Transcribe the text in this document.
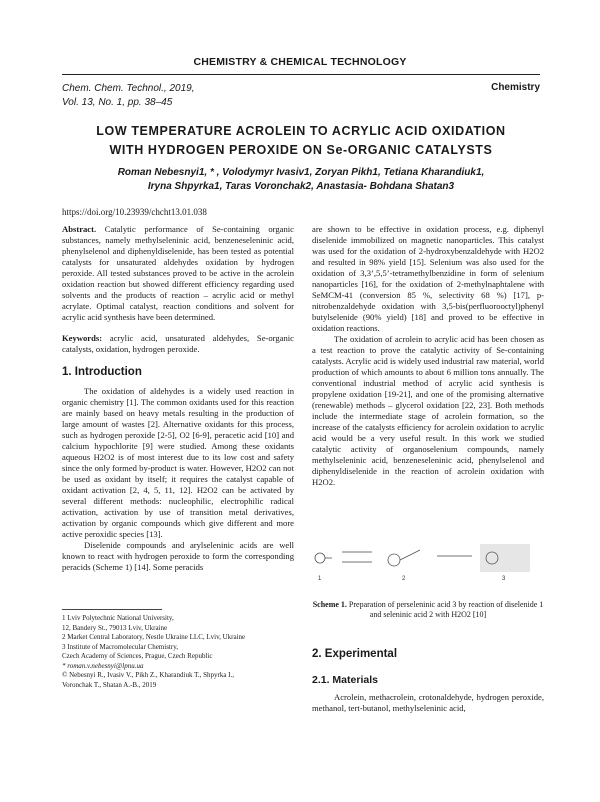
CHEMISTRY & CHEMICAL TECHNOLOGY
Chem. Chem. Technol., 2019,
Vol. 13, No. 1, pp. 38–45
Chemistry
LOW TEMPERATURE ACROLEIN TO ACRYLIC ACID OXIDATION
WITH HYDROGEN PEROXIDE ON Se-ORGANIC CATALYSTS
Roman Nebesnyi1, * , Volodymyr Ivasiv1, Zoryan Pikh1, Tetiana Kharandiuk1,
Iryna Shpyrka1, Taras Voronchak2, Anastasia- Bohdana Shatan3
https://doi.org/10.23939/chcht13.01.038

Abstract. Catalytic performance of Se-containing organic substances, namely methylseleninic acid, benzeneseleninic acid, phenylselenol and diphenyldiselenide, has been tested as potential catalysts for unsaturated aldehydes oxidation by hydrogen peroxide. All tested substances proved to be active in the acrolein oxidation reaction but showed different efficiency regarding used solvents and the products of reaction – acrylic acid or methyl acrylate. Optimal catalyst, reaction conditions and solvent for acrylic acid synthesis have been determined.

Keywords: acrylic acid, unsaturated aldehydes, Se-organic catalysts, oxidation, hydrogen peroxide.

1. Introduction

The oxidation of aldehydes is a widely used reaction in organic chemistry [1]. The common oxidants used for this reaction are mainly based on heavy metals resulting in the production of large amount of wastes [2]. Alternative oxidants for this process, such as hydrogen peroxide [2-5], O2 [6-9], peracetic acid [10] and calcium hypochlorite [9] were studied. Among these oxidants aqueous H2O2 is of most interest due to its low cost and safety since the only formed by-product is water. However, H2O2 can not be used as oxidant by itself; it requires the catalyst capable of oxidant activation [2, 4, 5, 11, 12]. H2O2 can be activated by several different methods: nucleophilic, electrophilic radical activation, activation by use of transition metal derivatives, activation by organic compounds which give different and more active peroxidic species [13].

Diselenide compounds and arylseleninic acids are well known to react with hydrogen peroxide to form the corresponding peracids (Scheme 1) [14]. Some peracids

1 Lviv Polytechnic National University,
12, Bandery St., 79013 Lviv, Ukraine
2 Market Central Laboratory, Nestle Ukraine LLC, Lviv, Ukraine
3 Institute of Macromolecular Chemistry,
Czech Academy of Sciences, Prague, Czech Republic
* roman.v.nebesnyi@lpnu.ua
© Nebesnyi R., Ivasiv V., Pikh Z., Kharandiuk T., Shpyrka I.,
Voronchak T., Shatan A.-B., 2019

are shown to be effective in oxidation process, e.g. diphenyl diselenide immobilized on magnetic nanoparticles. This catalyst was used for the oxidation of 2-hydroxybenzaldehyde with H2O2 and resulted in 98% yield [15]. Selenium was also used for the oxidation of 3,3’,5,5’-tetramethylbenzidine in form of selenium nanoparticles [16], for the oxidation of 2-methylnaphtalene with SeMCM-41 (conversion 85 %, selectivity 68 %) [17], p-nitrobenzaldehyde oxidation with 3,5-bis(perfluorooctyl)phenyl butylselenide (90% yield) [18] and proved to be effective in oxidation reactions.

The oxidation of acrolein to acrylic acid has been chosen as a test reaction to prove the catalytic activity of Se-containing catalysts. Acrylic acid is widely used industrial raw material, world production of which amounts to about 6 million tons annually. The conventional industrial method of acrylic acid synthesis is propylene oxidation [19-21], and one of the promising alternative (renewable) methods – glycerol oxidation [22, 23]. Both methods include the intermediate stage of acrolein formation, so the increase of the catalysts efficiency for acrolein oxidation to acrylic acid would be a very useful result. In this work we studied catalytic activity of organoselenium compounds, namely methylseleninic acid, benzeneseleninic acid, phenylselenol and diphenyldiselenide in the reaction of acrolein oxidation with H2O2.

1	2	3
Scheme 1. Preparation of perseleninic acid 3 by reaction of diselenide 1 and seleninic acid 2 with H2O2 [10]
2. Experimental
2.1. Materials

Acrolein, methacrolein, crotonaldehyde, hydrogen peroxide, methanol, tert-butanol, methylseleninic acid,
